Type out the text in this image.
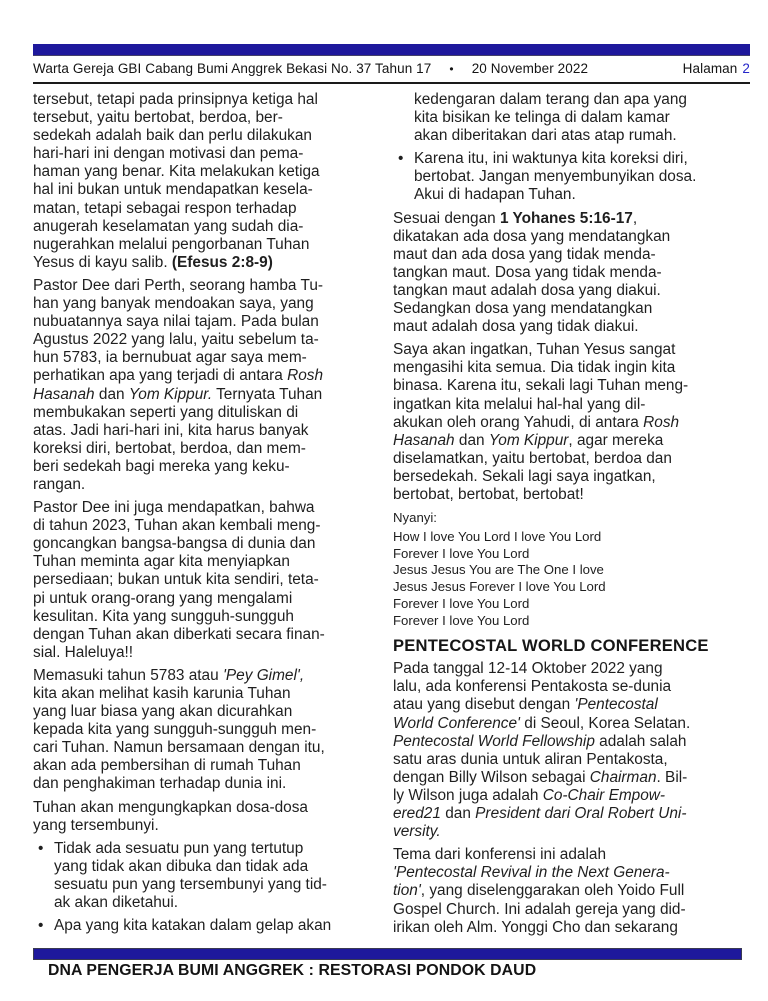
Warta Gereja GBI Cabang Bumi Anggrek Bekasi No. 37 Tahun 17 • 20 November 2022	Halaman 2
tersebut, tetapi pada prinsipnya ketiga hal
tersebut, yaitu bertobat, berdoa, ber-
sedekah adalah baik dan perlu dilakukan
hari-hari ini dengan motivasi dan pema-
haman yang benar. Kita melakukan ketiga
hal ini bukan untuk mendapatkan kesela-
matan, tetapi sebagai respon terhadap
anugerah keselamatan yang sudah dia-
nugerahkan melalui pengorbanan Tuhan
Yesus di kayu salib. (Efesus 2:8-9)
Pastor Dee dari Perth, seorang hamba Tu-
han yang banyak mendoakan saya, yang
nubuatannya saya nilai tajam. Pada bulan
Agustus 2022 yang lalu, yaitu sebelum ta-
hun 5783, ia bernubuat agar saya mem-
perhatikan apa yang terjadi di antara Rosh
Hasanah dan Yom Kippur. Ternyata Tuhan
membukakan seperti yang dituliskan di
atas. Jadi hari-hari ini, kita harus banyak
koreksi diri, bertobat, berdoa, dan mem-
beri sedekah bagi mereka yang keku-
rangan.
Pastor Dee ini juga mendapatkan, bahwa
di tahun 2023, Tuhan akan kembali meng-
goncangkan bangsa-bangsa di dunia dan
Tuhan meminta agar kita menyiapkan
persediaan; bukan untuk kita sendiri, teta-
pi untuk orang-orang yang mengalami
kesulitan. Kita yang sungguh-sungguh
dengan Tuhan akan diberkati secara finan-
sial. Haleluya!!
Memasuki tahun 5783 atau 'Pey Gimel',
kita akan melihat kasih karunia Tuhan
yang luar biasa yang akan dicurahkan
kepada kita yang sungguh-sungguh men-
cari Tuhan. Namun bersamaan dengan itu,
akan ada pembersihan di rumah Tuhan
dan penghakiman terhadap dunia ini.
Tuhan akan mengungkapkan dosa-dosa
yang tersembunyi.
• Tidak ada sesuatu pun yang tertutup
yang tidak akan dibuka dan tidak ada
sesuatu pun yang tersembunyi yang tid-
ak akan diketahui.
• Apa yang kita katakan dalam gelap akan
kedengaran dalam terang dan apa yang
kita bisikan ke telinga di dalam kamar
akan diberitakan dari atas atap rumah.
• Karena itu, ini waktunya kita koreksi diri,
bertobat. Jangan menyembunyikan dosa.
Akui di hadapan Tuhan.
Sesuai dengan 1 Yohanes 5:16-17,
dikatakan ada dosa yang mendatangkan
maut dan ada dosa yang tidak menda-
tangkan maut. Dosa yang tidak menda-
tangkan maut adalah dosa yang diakui.
Sedangkan dosa yang mendatangkan
maut adalah dosa yang tidak diakui.
Saya akan ingatkan, Tuhan Yesus sangat
mengasihi kita semua. Dia tidak ingin kita
binasa. Karena itu, sekali lagi Tuhan meng-
ingatkan kita melalui hal-hal yang dil-
akukan oleh orang Yahudi, di antara Rosh
Hasanah dan Yom Kippur, agar mereka
diselamatkan, yaitu bertobat, berdoa dan
bersedekah. Sekali lagi saya ingatkan,
bertobat, bertobat, bertobat!
Nyanyi:
How I love You Lord I love You Lord
Forever I love You Lord
Jesus Jesus You are The One I love
Jesus Jesus Forever I love You Lord
Forever I love You Lord
Forever I love You Lord
PENTECOSTAL WORLD CONFERENCE
Pada tanggal 12-14 Oktober 2022 yang
lalu, ada konferensi Pentakosta se-dunia
atau yang disebut dengan 'Pentecostal
World Conference' di Seoul, Korea Selatan.
Pentecostal World Fellowship adalah salah
satu aras dunia untuk aliran Pentakosta,
dengan Billy Wilson sebagai Chairman. Bil-
ly Wilson juga adalah Co-Chair Empow-
ered21 dan President dari Oral Robert Uni-
versity.
Tema dari konferensi ini adalah
'Pentecostal Revival in the Next Genera-
tion', yang diselenggarakan oleh Yoido Full
Gospel Church. Ini adalah gereja yang did-
irikan oleh Alm. Yonggi Cho dan sekarang
DNA PENGERJA BUMI ANGGREK : RESTORASI PONDOK DAUD
